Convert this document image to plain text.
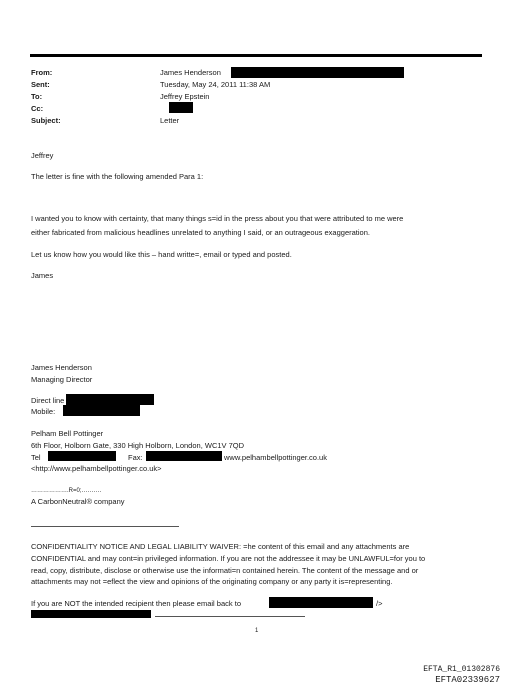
From:	James Henderson
Sent:	Tuesday, May 24, 2011 11:38 AM
To:	Jeffrey Epstein
Cc:
Subject:	Letter
Jeffrey
The letter is fine with the following amended Para 1:
I wanted you to know with certainty, that many things s=id in the press about you that were attributed to me were
either fabricated from malicious headlines unrelated to anything I said, or an outrageous exaggeration.
Let us know how you would like this – hand writte=, email or typed and posted.
James
James Henderson
Managing Director
Direct line
Mobile:
Pelham Bell Pottinger
6th Floor, Holborn Gate, 330 High Holborn, London, WC1V 7QD
Tel	Fax:	www.pelhambellpottinger.co.uk
<http://www.pelhambellpottinger.co.uk>
……………….R=0;……….
A CarbonNeutral® company
CONFIDENTIALITY NOTICE AND LEGAL LIABILITY WAIVER: =he content of this email and any attachments are
CONFIDENTIAL and may cont=in privileged information. If you are not the addressee it may be UNLAWFUL=for you to
read, copy, distribute, disclose or otherwise use the informati=n contained herein. The content of the message and or
attachments may not =eflect the view and opinions of the originating company or any party it is=representing.
If you are NOT the intended recipient then please email back to	/>
1
EFTA_R1_01302876
EFTA02339627
